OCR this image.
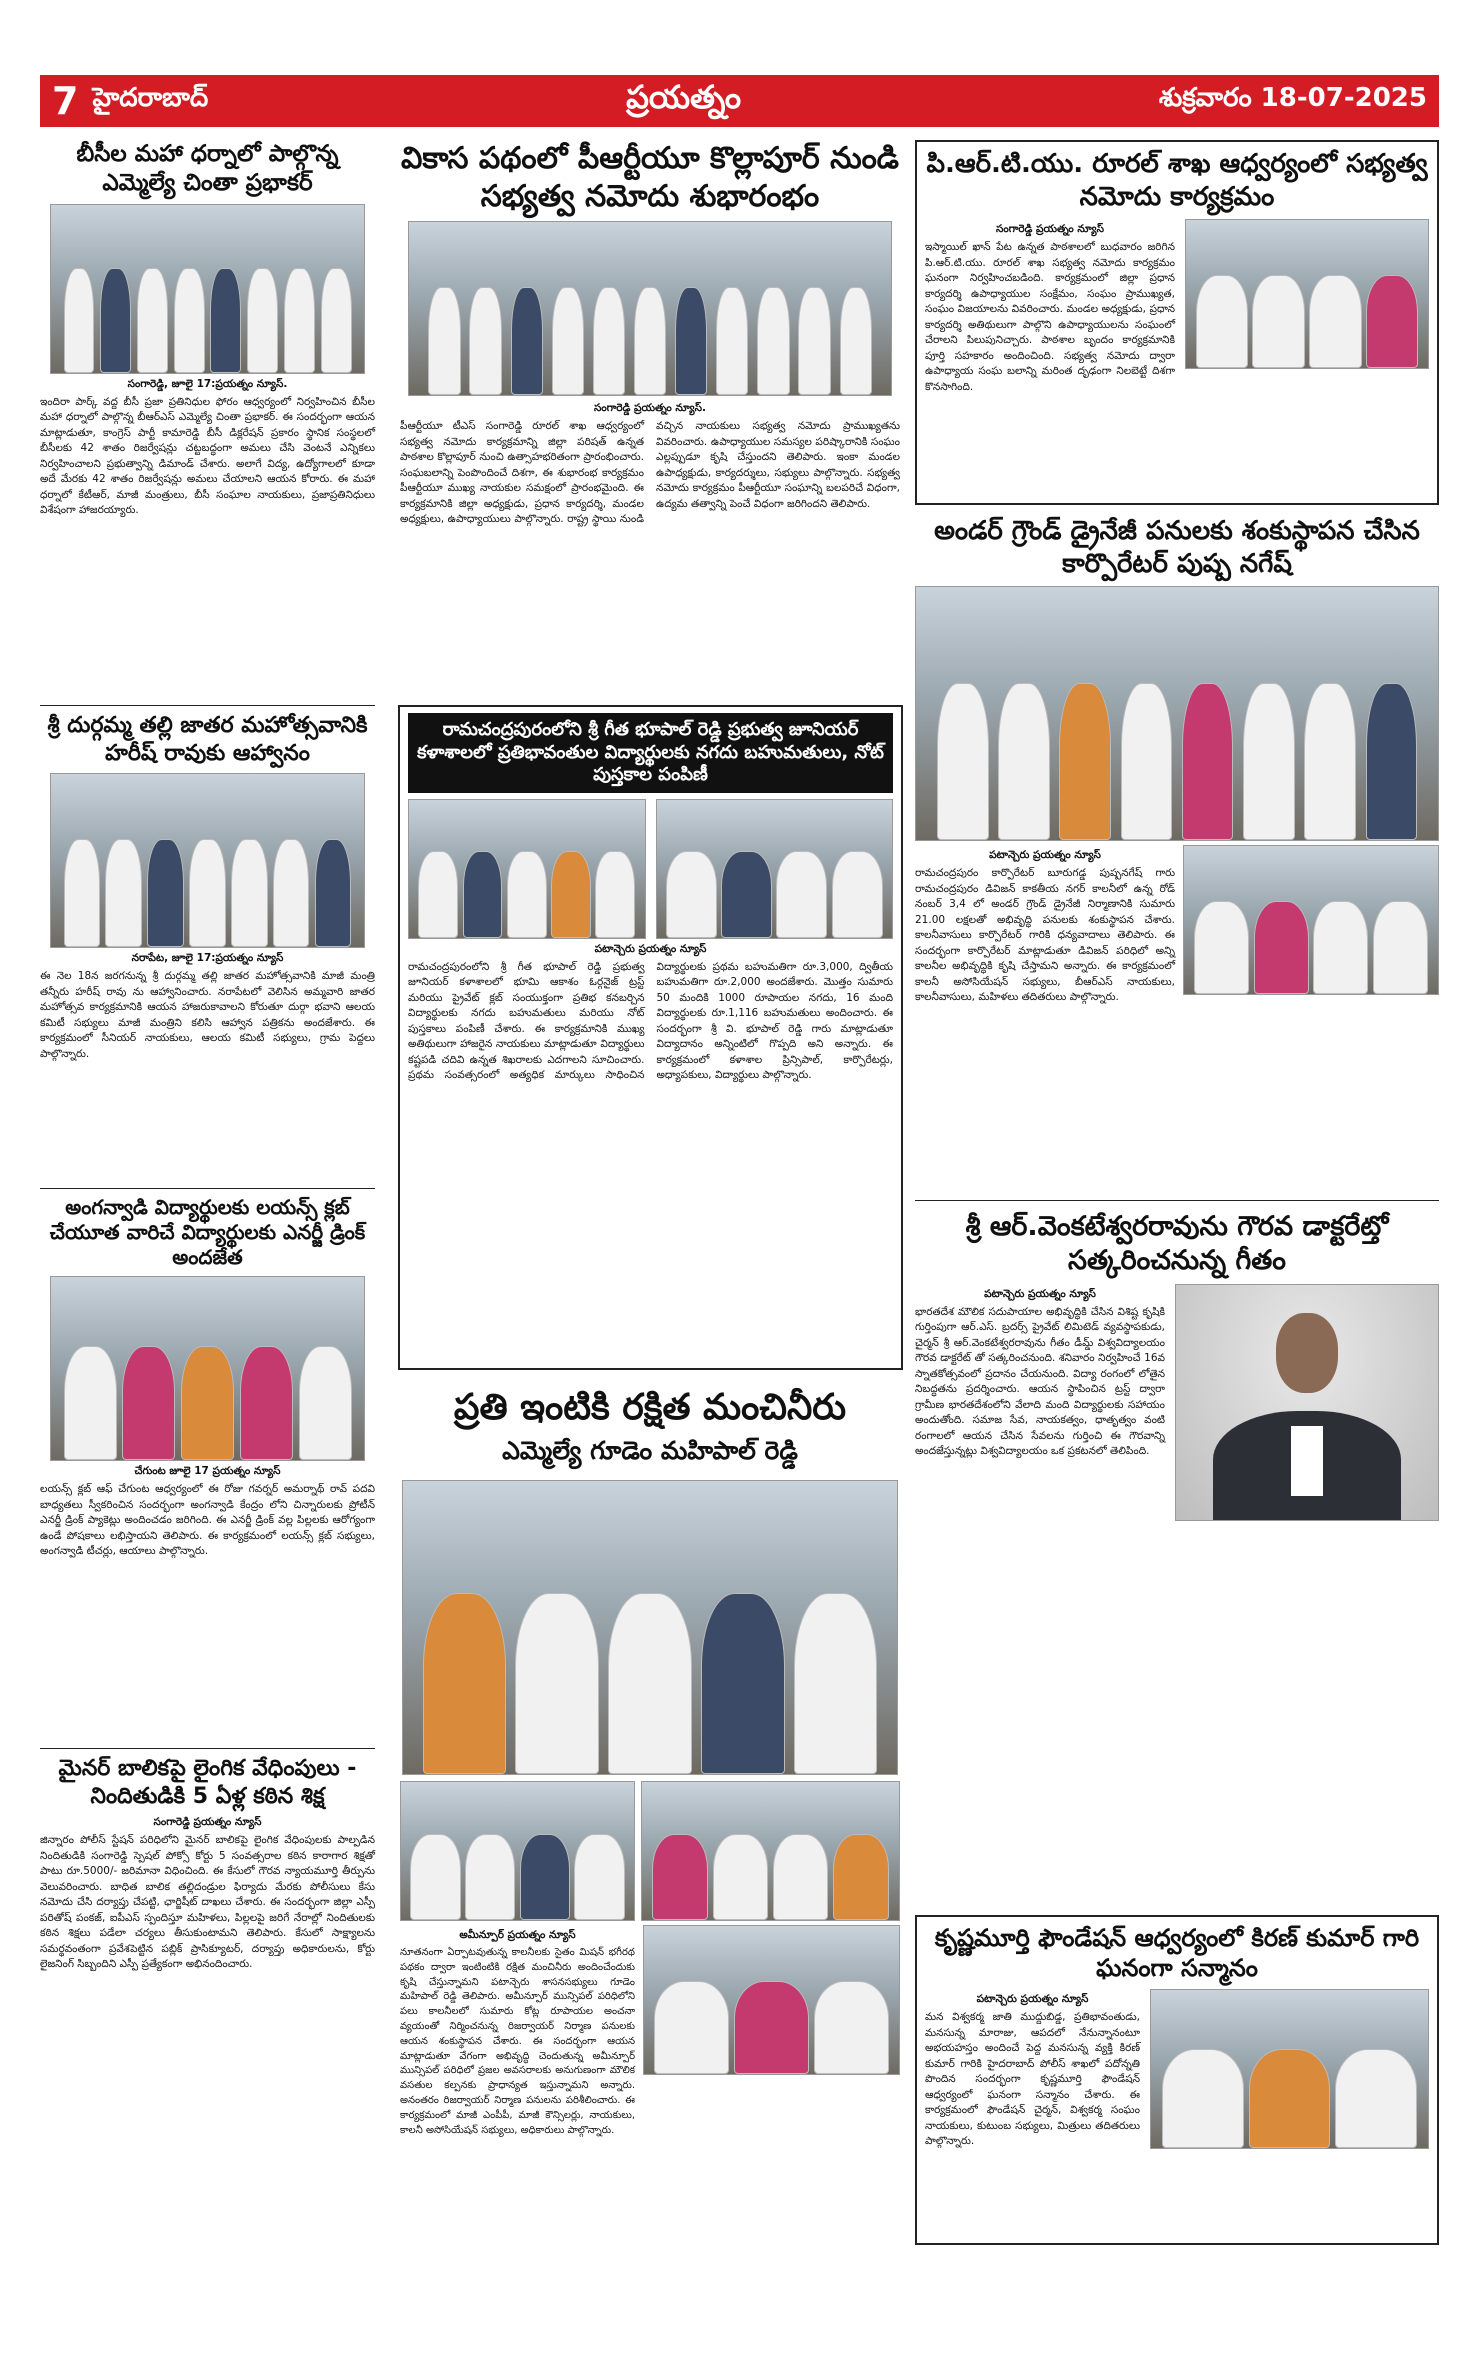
7 హైదరాబాద్	ప్రయత్నం	శుక్రవారం 18-07-2025
బీసీల మహా ధర్నాలో పాల్గొన్న ఎమ్మెల్యే చింతా ప్రభాకర్
సంగారెడ్డి, జూలై 17:ప్రయత్నం న్యూస్.

ఇందిరా పార్క్ వద్ద బీసీ ప్రజా ప్రతినిధుల ఫోరం ఆధ్వర్యంలో నిర్వహించిన బీసీల మహా ధర్నాలో పాల్గొన్న బీఆర్ఎస్ ఎమ్మెల్యే చింతా ప్రభాకర్. ఈ సందర్భంగా ఆయన మాట్లాడుతూ, కాంగ్రెస్ పార్టీ కామారెడ్డి బీసీ డిక్లరేషన్ ప్రకారం స్థానిక సంస్థలలో బీసీలకు 42 శాతం రిజర్వేషన్లు చట్టబద్ధంగా అమలు చేసి వెంటనే ఎన్నికలు నిర్వహించాలని ప్రభుత్వాన్ని డిమాండ్ చేశారు. అలాగే విద్య, ఉద్యోగాలలో కూడా అదే మేరకు 42 శాతం రిజర్వేషన్లు అమలు చేయాలని ఆయన కోరారు. ఈ మహా ధర్నాలో కేటీఆర్, మాజీ మంత్రులు, బీసీ సంఘాల నాయకులు, ప్రజాప్రతినిధులు విశేషంగా హాజరయ్యారు.

శ్రీ దుర్గమ్మ తల్లి జాతర మహోత్సవానికి హరీష్ రావుకు ఆహ్వానం
నరాపేట, జూలై 17:ప్రయత్నం న్యూస్

ఈ నెల 18న జరగనున్న శ్రీ దుర్గమ్మ తల్లి జాతర మహోత్సవానికి మాజీ మంత్రి తన్నీరు హరీష్ రావు ను ఆహ్వానించారు. నరాపేటలో వెలిసిన అమ్మవారి జాతర మహోత్సవ కార్యక్రమానికి ఆయన హాజరుకావాలని కోరుతూ దుర్గా భవాని ఆలయ కమిటీ సభ్యులు మాజీ మంత్రిని కలిసి ఆహ్వాన పత్రికను అందజేశారు. ఈ కార్యక్రమంలో సీనియర్ నాయకులు, ఆలయ కమిటీ సభ్యులు, గ్రామ పెద్దలు పాల్గొన్నారు.

అంగన్వాడి విద్యార్థులకు లయన్స్ క్లబ్ చేయూత వారిచే విద్యార్థులకు ఎనర్జీ డ్రింక్ అందజేత
చేగుంట జూలై 17 ప్రయత్నం న్యూస్

లయన్స్ క్లబ్ ఆఫ్ చేగుంట ఆధ్వర్యంలో ఈ రోజు గవర్నర్ అమర్నాథ్ రావ్ పదవి బాధ్యతలు స్వీకరించిన సందర్భంగా అంగన్వాడి కేంద్రం లోని చిన్నారులకు ప్రోటీన్ ఎనర్జీ డ్రింక్ ప్యాకెట్లు అందించడం జరిగింది. ఈ ఎనర్జీ డ్రింక్ వల్ల పిల్లలకు ఆరోగ్యంగా ఉండే పోషకాలు లభిస్తాయని తెలిపారు. ఈ కార్యక్రమంలో లయన్స్ క్లబ్ సభ్యులు, అంగన్వాడి టీచర్లు, ఆయాలు పాల్గొన్నారు.

మైనర్ బాలికపై లైంగిక వేధింపులు - నిందితుడికి 5 ఏళ్ల కఠిన శిక్ష
సంగారెడ్డి ప్రయత్నం న్యూస్

జిన్నారం పోలీస్ స్టేషన్ పరిధిలోని మైనర్ బాలికపై లైంగిక వేధింపులకు పాల్పడిన నిందితుడికి సంగారెడ్డి స్పెషల్ పోక్సో కోర్టు 5 సంవత్సరాల కఠిన కారాగార శిక్షతో పాటు రూ.5000/- జరిమానా విధించింది. ఈ కేసులో గౌరవ న్యాయమూర్తి తీర్పును వెలువరించారు. బాధిత బాలిక తల్లిదండ్రుల ఫిర్యాదు మేరకు పోలీసులు కేసు నమోదు చేసి దర్యాప్తు చేపట్టి, ఛార్జిషీట్ దాఖలు చేశారు. ఈ సందర్భంగా జిల్లా ఎస్పీ పరితోష్ పంకజ్, ఐపీఎస్ స్పందిస్తూ మహిళలు, పిల్లలపై జరిగే నేరాల్లో నిందితులకు కఠిన శిక్షలు పడేలా చర్యలు తీసుకుంటామని తెలిపారు. కేసులో సాక్ష్యాలను సమర్థవంతంగా ప్రవేశపెట్టిన పబ్లిక్ ప్రాసిక్యూటర్, దర్యాప్తు అధికారులను, కోర్టు లైజనింగ్ సిబ్బందిని ఎస్పీ ప్రత్యేకంగా అభినందించారు.

వికాస పథంలో పీఆర్టీయూ కొల్లాపూర్ నుండి సభ్యత్వ నమోదు శుభారంభం
సంగారెడ్డి ప్రయత్నం న్యూస్.

పీఆర్టీయూ టీఎస్ సంగారెడ్డి రూరల్ శాఖ ఆధ్వర్యంలో సభ్యత్వ నమోదు కార్యక్రమాన్ని జిల్లా పరిషత్ ఉన్నత పాఠశాల కొల్లాపూర్ నుంచి ఉత్సాహభరితంగా ప్రారంభించారు. సంఘబలాన్ని పెంపొందించే దిశగా, ఈ శుభారంభ కార్యక్రమం పీఆర్టీయూ ముఖ్య నాయకుల సమక్షంలో ప్రారంభమైంది. ఈ కార్యక్రమానికి జిల్లా అధ్యక్షుడు, ప్రధాన కార్యదర్శి, మండల అధ్యక్షులు, ఉపాధ్యాయులు పాల్గొన్నారు. రాష్ట్ర స్థాయి నుండి వచ్చిన నాయకులు సభ్యత్వ నమోదు ప్రాముఖ్యతను వివరించారు. ఉపాధ్యాయుల సమస్యల పరిష్కారానికి సంఘం ఎల్లప్పుడూ కృషి చేస్తుందని తెలిపారు. ఇంకా మండల ఉపాధ్యక్షుడు, కార్యదర్శులు, సభ్యులు పాల్గొన్నారు. సభ్యత్వ నమోదు కార్యక్రమం పీఆర్టీయూ సంఘాన్ని బలపరిచే విధంగా, ఉద్యమ తత్వాన్ని పెంచే విధంగా జరిగిందని తెలిపారు.

రామచంద్రపురంలోని శ్రీ గీత భూపాల్ రెడ్డి ప్రభుత్వ జూనియర్ కళాశాలలో ప్రతిభావంతుల విద్యార్థులకు నగదు బహుమతులు, నోట్ పుస్తకాల పంపిణీ
పటాన్చెరు ప్రయత్నం న్యూస్

రామచంద్రపురంలోని శ్రీ గీత భూపాల్ రెడ్డి ప్రభుత్వ జూనియర్ కళాశాలలో భూమి ఆకాశం ఓర్గనైజ్ ట్రస్ట్ మరియు ప్రైవేట్ క్లబ్ సంయుక్తంగా ప్రతిభ కనబర్చిన విద్యార్థులకు నగదు బహుమతులు మరియు నోట్ పుస్తకాలు పంపిణీ చేశారు. ఈ కార్యక్రమానికి ముఖ్య అతిథులుగా హాజరైన నాయకులు మాట్లాడుతూ విద్యార్థులు కష్టపడి చదివి ఉన్నత శిఖరాలకు ఎదగాలని సూచించారు. ప్రథమ సంవత్సరంలో అత్యధిక మార్కులు సాధించిన విద్యార్థులకు ప్రథమ బహుమతిగా రూ.3,000, ద్వితీయ బహుమతిగా రూ.2,000 అందజేశారు. మొత్తం సుమారు 50 మందికి 1000 రూపాయల నగదు, 16 మంది విద్యార్థులకు రూ.1,116 బహుమతులు అందించారు. ఈ సందర్భంగా శ్రీ వి. భూపాల్ రెడ్డి గారు మాట్లాడుతూ విద్యాదానం అన్నింటిలో గొప్పది అని అన్నారు. ఈ కార్యక్రమంలో కళాశాల ప్రిన్సిపాల్, కార్పొరేటర్లు, అధ్యాపకులు, విద్యార్థులు పాల్గొన్నారు.

ప్రతి ఇంటికి రక్షిత మంచినీరు
ఎమ్మెల్యే గూడెం మహిపాల్ రెడ్డి
అమీన్పూర్ ప్రయత్నం న్యూస్

నూతనంగా ఏర్పాటవుతున్న కాలనీలకు సైతం మిషన్ భగీరథ పథకం ద్వారా ఇంటింటికి రక్షిత మంచినీరు అందించేందుకు కృషి చేస్తున్నామని పటాన్చెరు శాసనసభ్యులు గూడెం మహిపాల్ రెడ్డి తెలిపారు. అమీన్పూర్ మున్సిపల్ పరిధిలోని పలు కాలనీలలో సుమారు కోట్ల రూపాయల అంచనా వ్యయంతో నిర్మించనున్న రిజర్వాయర్ నిర్మాణ పనులకు ఆయన శంకుస్థాపన చేశారు. ఈ సందర్భంగా ఆయన మాట్లాడుతూ వేగంగా అభివృద్ధి చెందుతున్న అమీన్పూర్ మున్సిపల్ పరిధిలో ప్రజల అవసరాలకు అనుగుణంగా మౌలిక వసతుల కల్పనకు ప్రాధాన్యత ఇస్తున్నామని అన్నారు. అనంతరం రిజర్వాయర్ నిర్మాణ పనులను పరిశీలించారు. ఈ కార్యక్రమంలో మాజీ ఎంపీపీ, మాజీ కౌన్సిలర్లు, నాయకులు, కాలనీ అసోసియేషన్ సభ్యులు, అధికారులు పాల్గొన్నారు.

పి.ఆర్.టి.యు. రూరల్ శాఖ ఆధ్వర్యంలో సభ్యత్వ నమోదు కార్యక్రమం
సంగారెడ్డి ప్రయత్నం న్యూస్

ఇస్మాయిల్ ఖాన్ పేట ఉన్నత పాఠశాలలో బుధవారం జరిగిన పి.ఆర్.టి.యు. రూరల్ శాఖ సభ్యత్వ నమోదు కార్యక్రమం ఘనంగా నిర్వహించబడింది. కార్యక్రమంలో జిల్లా ప్రధాన కార్యదర్శి ఉపాధ్యాయుల సంక్షేమం, సంఘం ప్రాముఖ్యత, సంఘం విజయాలను వివరించారు. మండల అధ్యక్షుడు, ప్రధాన కార్యదర్శి అతిథులుగా పాల్గొని ఉపాధ్యాయులను సంఘంలో చేరాలని పిలుపునిచ్చారు. పాఠశాల బృందం కార్యక్రమానికి పూర్తి సహకారం అందించింది. సభ్యత్వ నమోదు ద్వారా ఉపాధ్యాయ సంఘ బలాన్ని మరింత దృఢంగా నిలబెట్టే దిశగా కొనసాగింది.

అండర్ గ్రౌండ్ డ్రైనేజీ పనులకు శంకుస్థాపన చేసిన కార్పొరేటర్ పుష్ప నగేష్
పటాన్చెరు ప్రయత్నం న్యూస్

రామచంద్రపురం కార్పొరేటర్ బూరుగడ్డ పుష్పనగేష్ గారు రామచంద్రపురం డివిజన్ కాకతీయ నగర్ కాలనీలో ఉన్న రోడ్ నంబర్ 3,4 లో అండర్ గ్రౌండ్ డ్రైనేజీ నిర్మాణానికి సుమారు 21.00 లక్షలతో అభివృద్ధి పనులకు శంకుస్థాపన చేశారు. కాలనీవాసులు కార్పొరేటర్ గారికి ధన్యవాదాలు తెలిపారు. ఈ సందర్భంగా కార్పొరేటర్ మాట్లాడుతూ డివిజన్ పరిధిలో అన్ని కాలనీల అభివృద్ధికి కృషి చేస్తామని అన్నారు. ఈ కార్యక్రమంలో కాలనీ అసోసియేషన్ సభ్యులు, బీఆర్ఎస్ నాయకులు, కాలనీవాసులు, మహిళలు తదితరులు పాల్గొన్నారు.

శ్రీ ఆర్.వెంకటేశ్వరరావును గౌరవ డాక్టరేట్తో సత్కరించనున్న గీతం
పటాన్చెరు ప్రయత్నం న్యూస్

భారతదేశ మౌలిక సదుపాయాల అభివృద్ధికి చేసిన విశిష్ట కృషికి గుర్తింపుగా ఆర్.ఎస్. బ్రదర్స్ ప్రైవేట్ లిమిటెడ్ వ్యవస్థాపకుడు, చైర్మన్ శ్రీ ఆర్.వెంకటేశ్వరరావును గీతం డీమ్డ్ విశ్వవిద్యాలయం గౌరవ డాక్టరేట్ తో సత్కరించనుంది. శనివారం నిర్వహించే 16వ స్నాతకోత్సవంలో ప్రదానం చేయనుంది. విద్యా రంగంలో లోతైన నిబద్ధతను ప్రదర్శించారు. ఆయన స్థాపించిన ట్రస్ట్ ద్వారా గ్రామీణ భారతదేశంలోని వేలాది మంది విద్యార్థులకు సహాయం అందుతోంది. సమాజ సేవ, నాయకత్వం, ధాతృత్వం వంటి రంగాలలో ఆయన చేసిన సేవలను గుర్తించి ఈ గౌరవాన్ని అందజేస్తున్నట్లు విశ్వవిద్యాలయం ఒక ప్రకటనలో తెలిపింది.

కృష్ణమూర్తి ఫౌండేషన్ ఆధ్వర్యంలో కిరణ్ కుమార్ గారి ఘనంగా సన్మానం
పటాన్చెరు ప్రయత్నం న్యూస్

మన విశ్వకర్మ జాతి ముద్దుబిడ్డ, ప్రతిభావంతుడు, మనసున్న మారాజు, ఆపదలో నేనున్నానంటూ అభయహస్తం అందించే పెద్ద మనసున్న వ్యక్తి కిరణ్ కుమార్ గారికి హైదరాబాద్ పోలీస్ శాఖలో పదోన్నతి పొందిన సందర్భంగా కృష్ణమూర్తి ఫౌండేషన్ ఆధ్వర్యంలో ఘనంగా సన్మానం చేశారు. ఈ కార్యక్రమంలో ఫౌండేషన్ చైర్మన్, విశ్వకర్మ సంఘం నాయకులు, కుటుంబ సభ్యులు, మిత్రులు తదితరులు పాల్గొన్నారు.
